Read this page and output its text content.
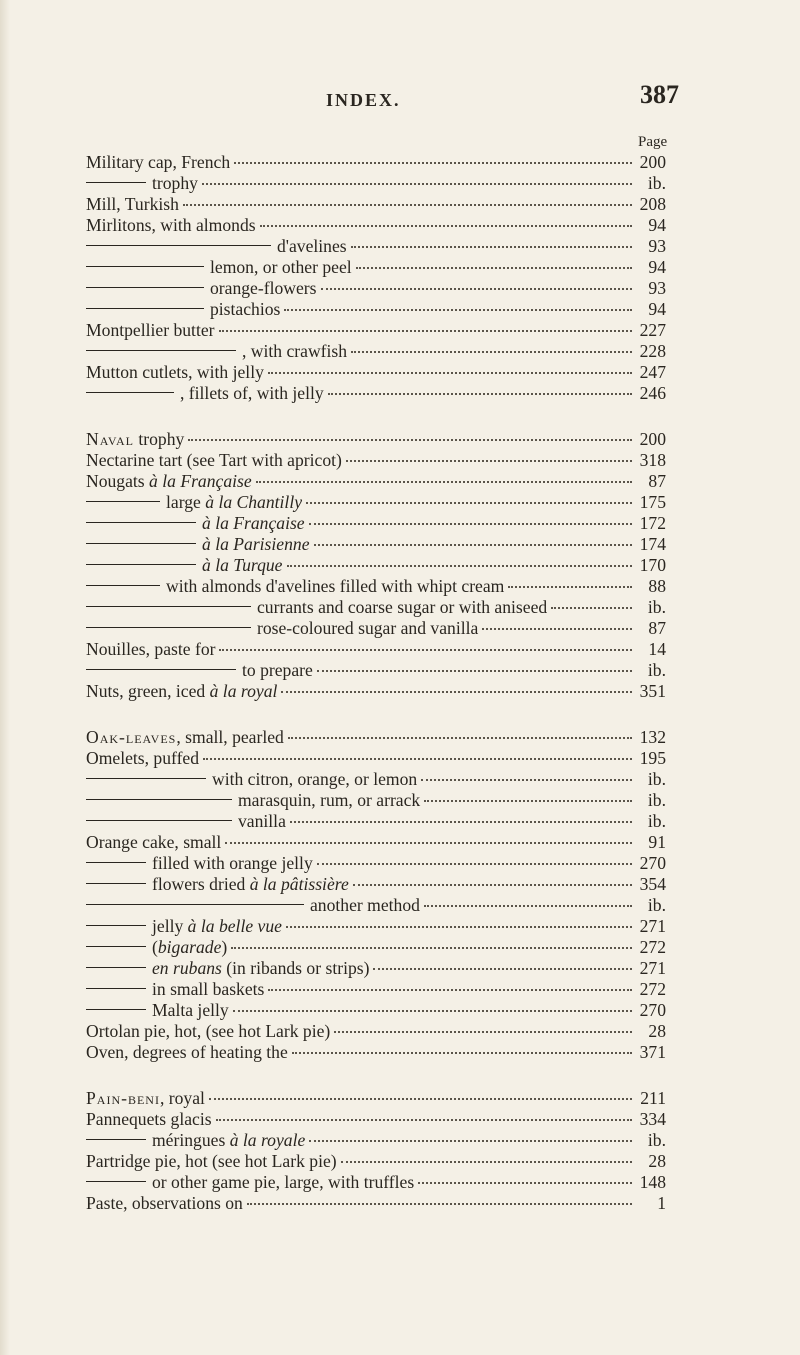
INDEX.	387
Page
Military cap, French	200
trophy	ib.
Mill, Turkish	208
Mirlitons, with almonds	94
d'avelines	93
lemon, or other peel	94
orange-flowers	93
pistachios	94
Montpellier butter	227
, with crawfish	228
Mutton cutlets, with jelly	247
, fillets of, with jelly	246
Naval trophy	200
Nectarine tart (see Tart with apricot)	318
Nougats à la Française	87
large à la Chantilly	175
à la Française	172
à la Parisienne	174
à la Turque	170
with almonds d'avelines filled with whipt cream	88
currants and coarse sugar or with aniseed	ib.
rose-coloured sugar and vanilla	87
Nouilles, paste for	14
to prepare	ib.
Nuts, green, iced à la royal	351
Oak-leaves, small, pearled	132
Omelets, puffed	195
with citron, orange, or lemon	ib.
marasquin, rum, or arrack	ib.
vanilla	ib.
Orange cake, small	91
filled with orange jelly	270
flowers dried à la pâtissière	354
another method	ib.
jelly à la belle vue	271
(bigarade)	272
en rubans (in ribands or strips)	271
in small baskets	272
Malta jelly	270
Ortolan pie, hot, (see hot Lark pie)	28
Oven, degrees of heating the	371
Pain-beni, royal	211
Pannequets glacis	334
méringues à la royale	ib.
Partridge pie, hot (see hot Lark pie)	28
or other game pie, large, with truffles	148
Paste, observations on	1
